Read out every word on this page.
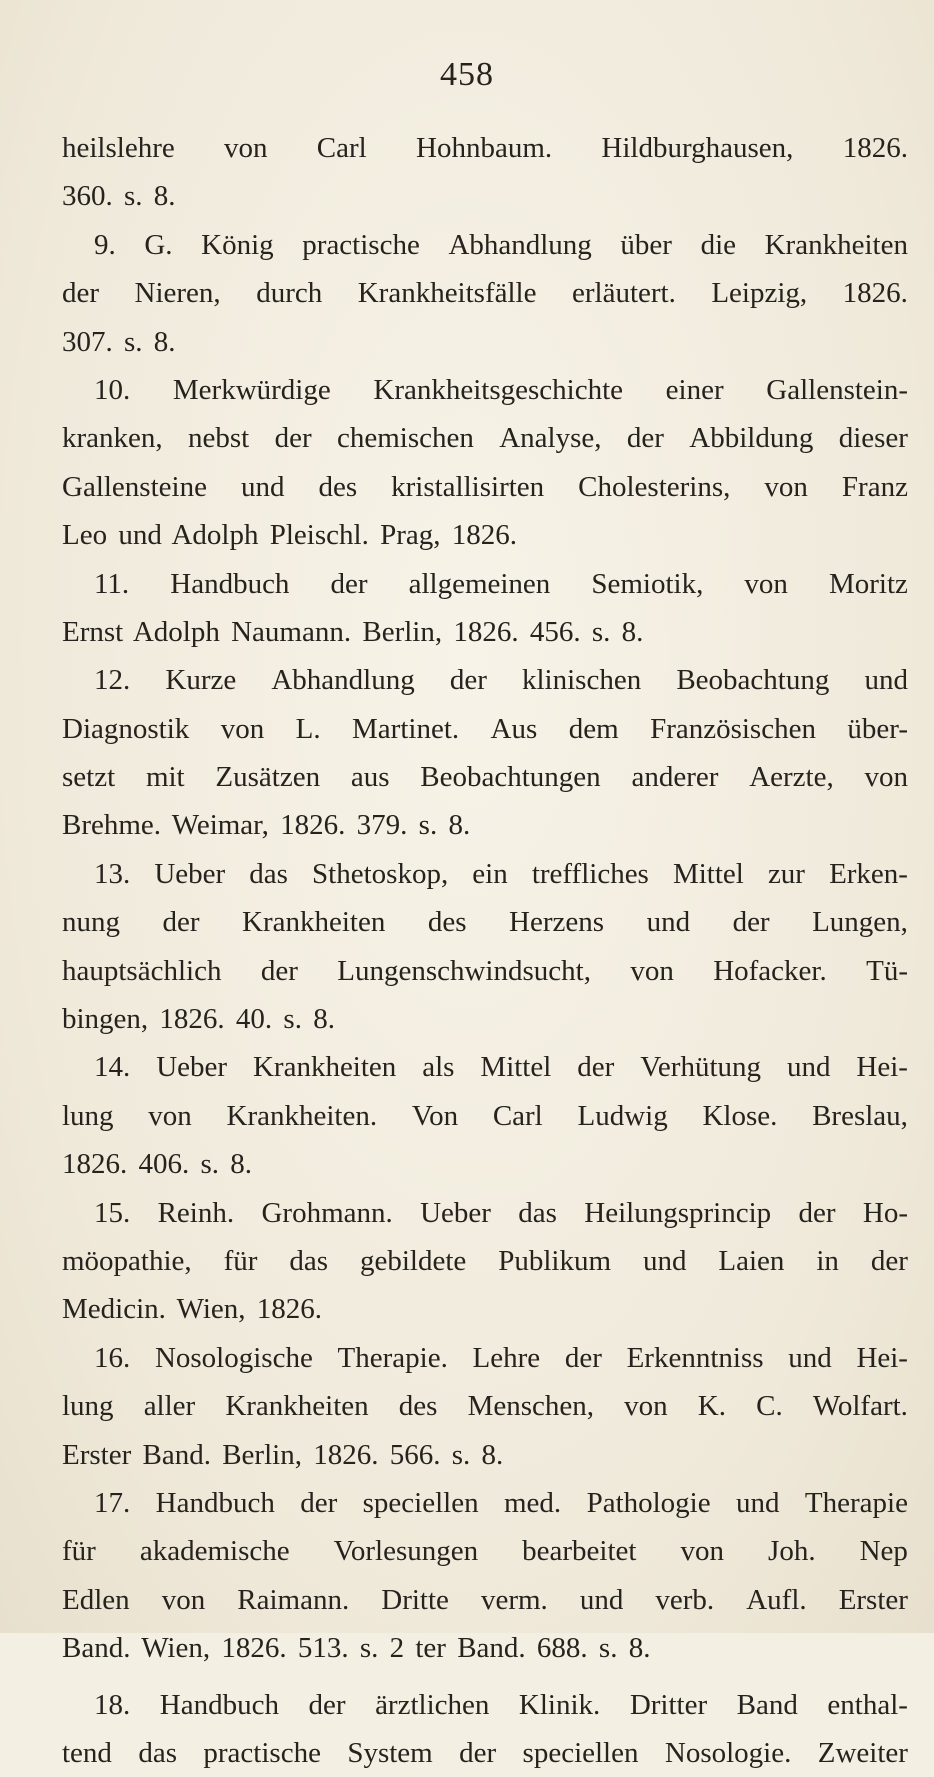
458
heilslehre von Carl Hohnbaum. Hildburghausen, 1826.
360. s. 8.
9. G. König practische Abhandlung über die Krankheiten
der Nieren, durch Krankheitsfälle erläutert. Leipzig, 1826.
307. s. 8.
10. Merkwürdige Krankheitsgeschichte einer Gallenstein-
kranken, nebst der chemischen Analyse, der Abbildung dieser
Gallensteine und des kristallisirten Cholesterins, von Franz
Leo und Adolph Pleischl. Prag, 1826.
11. Handbuch der allgemeinen Semiotik, von Moritz
Ernst Adolph Naumann. Berlin, 1826. 456. s. 8.
12. Kurze Abhandlung der klinischen Beobachtung und
Diagnostik von L. Martinet. Aus dem Französischen über-
setzt mit Zusätzen aus Beobachtungen anderer Aerzte, von
Brehme. Weimar, 1826. 379. s. 8.
13. Ueber das Sthetoskop, ein treffliches Mittel zur Erken-
nung der Krankheiten des Herzens und der Lungen,
hauptsächlich der Lungenschwindsucht, von Hofacker. Tü-
bingen, 1826. 40. s. 8.
14. Ueber Krankheiten als Mittel der Verhütung und Hei-
lung von Krankheiten. Von Carl Ludwig Klose. Breslau,
1826. 406. s. 8.
15. Reinh. Grohmann. Ueber das Heilungsprincip der Ho-
möopathie, für das gebildete Publikum und Laien in der
Medicin. Wien, 1826.
16. Nosologische Therapie. Lehre der Erkenntniss und Hei-
lung aller Krankheiten des Menschen, von K. C. Wolfart.
Erster Band. Berlin, 1826. 566. s. 8.
17. Handbuch der speciellen med. Pathologie und Therapie
für akademische Vorlesungen bearbeitet von Joh. Nep
Edlen von Raimann. Dritte verm. und verb. Aufl. Erster
Band. Wien, 1826. 513. s. 2 ter Band. 688. s. 8.
18. Handbuch der ärztlichen Klinik. Dritter Band enthal-
tend das practische System der speciellen Nosologie. Zweiter
